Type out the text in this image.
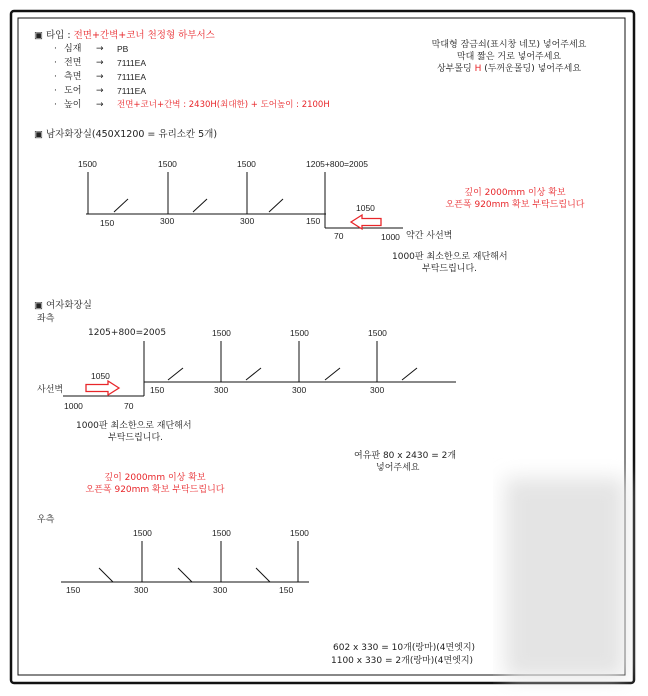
▣ 타입 : 전면+간벽+코너 천정형 하부서스
· 심재 → PB
· 전면 → 7111EA
· 측면 → 7111EA
· 도어 → 7111EA
· 높이 → 전면+코너+간벽 : 2430H(최대한) + 도어높이 : 2100H
막대형 잠금쇠(표시창 네모) 넣어주세요
막대 짧은 거로 넣어주세요
상부몰딩 H (두꺼운몰딩) 넣어주세요
▣ 남자화장실(450X1200 = 유리소칸 5개)
1500	1500	1500	1205+800=2005
150	300	300	150
1050
70	1000 약간 사선벽
1000판 최소한으로 재단해서
부탁드립니다.
깊이 2000mm 이상 확보
오픈폭 920mm 확보 부탁드립니다
▣ 여자화장실
좌측
1205+800=2005	1500	1500	1500
150	300	300	300
1050
사선벽
1000	70
1000판 최소한으로 재단해서
부탁드립니다.
여유판 80 x 2430 = 2개
넣어주세요
깊이 2000mm 이상 확보
오픈폭 920mm 확보 부탁드립니다
우측
1500	1500	1500
150	300	300	150
602 x 330 = 10개(랑마)(4면엣지)
1100 x 330 = 2개(랑마)(4면엣지)
